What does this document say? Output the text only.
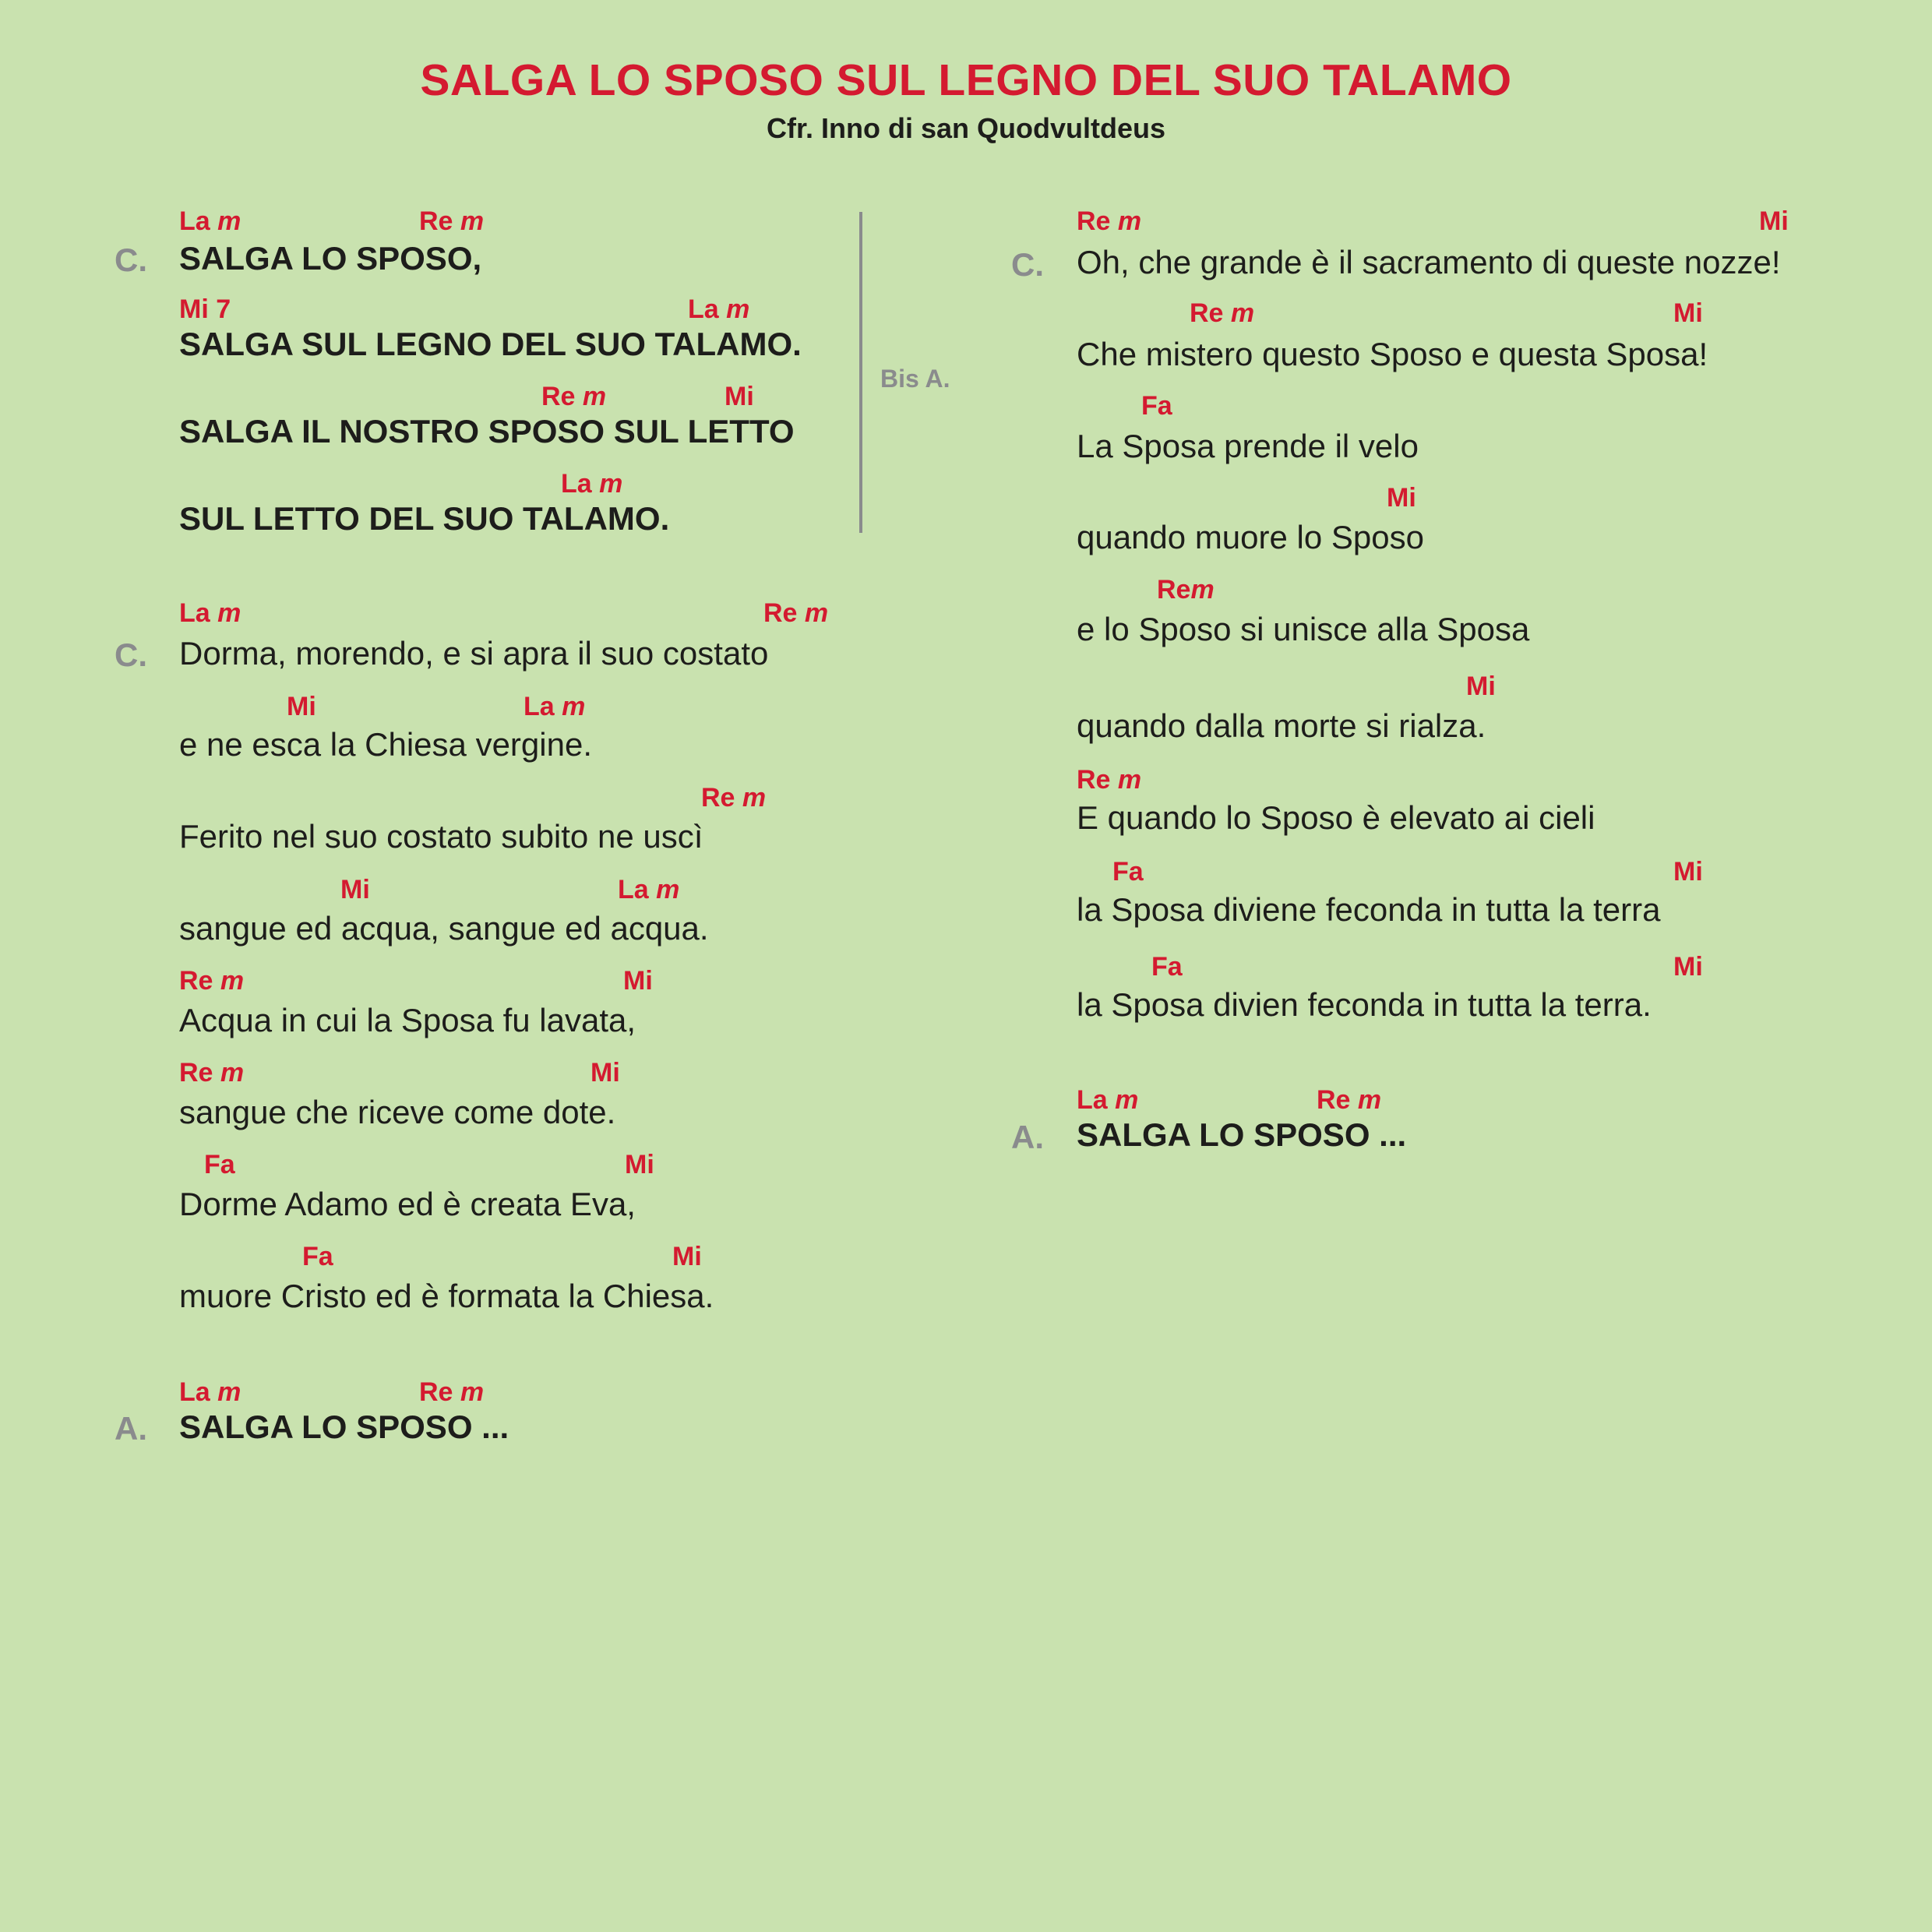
SALGA LO SPOSO SUL LEGNO DEL SUO TALAMO
Cfr. Inno di san Quodvultdeus
C.
La m	Re m
SALGA LO SPOSO,
Mi 7	La m
SALGA SUL LEGNO DEL SUO TALAMO.
Re m	Mi
SALGA IL NOSTRO SPOSO SUL LETTO
La m
SUL LETTO DEL SUO TALAMO.
Bis A.
C.
La m	Re m
Dorma, morendo, e si apra il suo costato
Mi	La m
e ne esca la Chiesa vergine.
Re m
Ferito nel suo costato subito ne uscì
Mi	La m
sangue ed acqua, sangue ed acqua.
Re m	Mi
Acqua in cui la Sposa fu lavata,
Re m	Mi
sangue che riceve come dote.
Fa	Mi
Dorme Adamo ed è creata Eva,
Fa	Mi
muore Cristo ed è formata la Chiesa.
A.
La m	Re m
SALGA LO SPOSO ...
C.
Re m	Mi
Oh, che grande è il sacramento di queste nozze!
Re m	Mi
Che mistero questo Sposo e questa Sposa!
Fa
La Sposa prende il velo
Mi
quando muore lo Sposo
Rem
e lo Sposo si unisce alla Sposa
Mi
quando dalla morte si rialza.
Re m
E quando lo Sposo è elevato ai cieli
Fa	Mi
la Sposa diviene feconda in tutta la terra
Fa	Mi
la Sposa divien feconda in tutta la terra.
A.
La m	Re m
SALGA LO SPOSO ...
